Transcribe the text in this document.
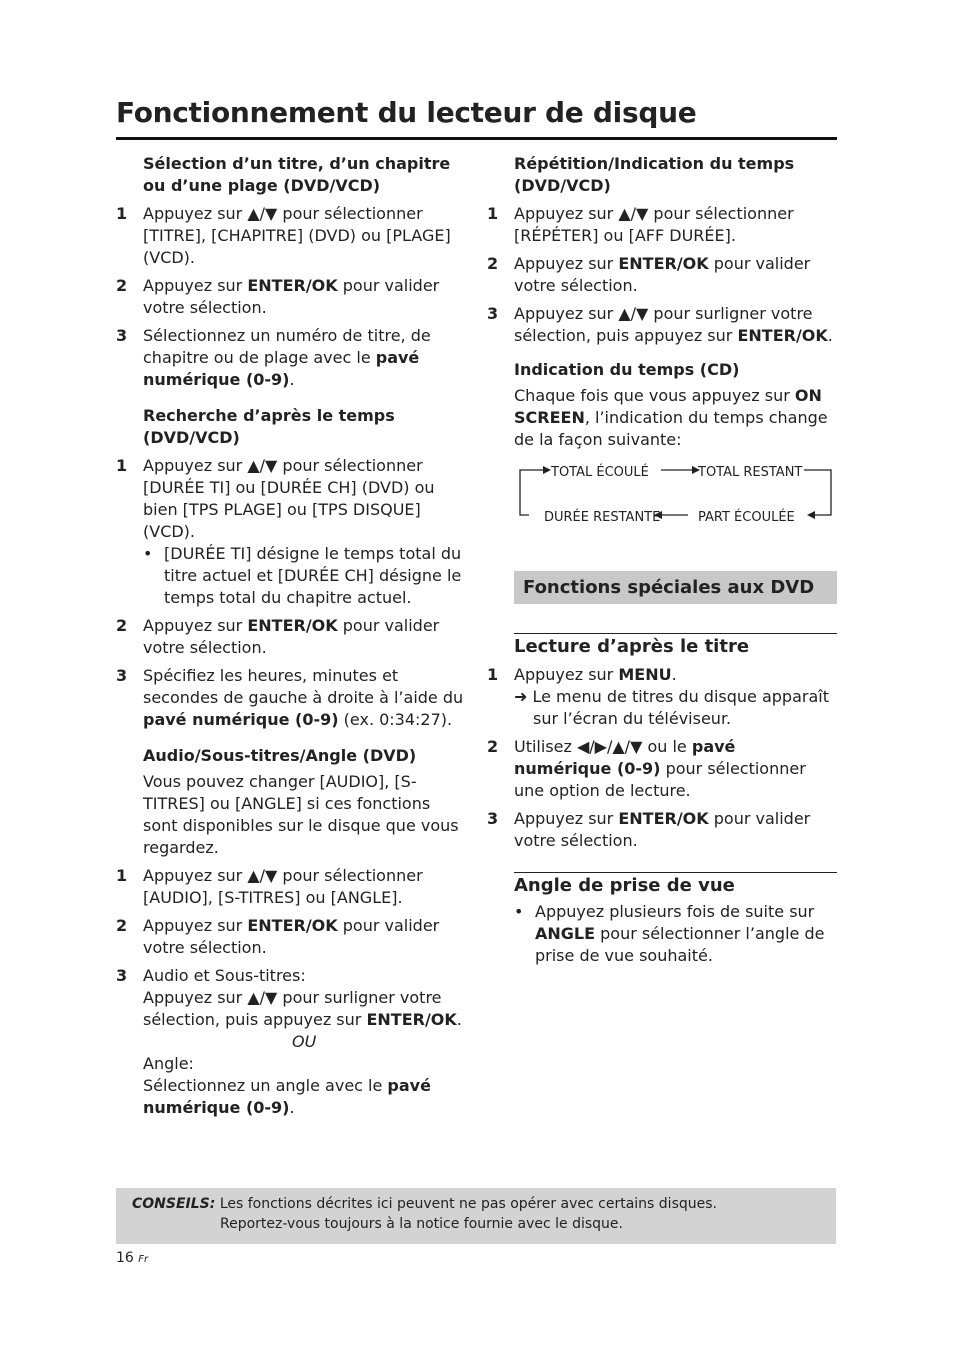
Fonctionnement du lecteur de disque
Sélection d’un titre, d’un chapitre ou d’une plage (DVD/VCD)
1 Appuyez sur ▲/▼ pour sélectionner [TITRE], [CHAPITRE] (DVD) ou [PLAGE] (VCD).
2 Appuyez sur ENTER/OK pour valider votre sélection.
3 Sélectionnez un numéro de titre, de chapitre ou de plage avec le pavé numérique (0-9).
Recherche d’après le temps (DVD/VCD)
1 Appuyez sur ▲/▼ pour sélectionner [DURÉE TI] ou [DURÉE CH] (DVD) ou bien [TPS PLAGE] ou [TPS DISQUE] (VCD).
• [DURÉE TI] désigne le temps total du titre actuel et [DURÉE CH] désigne le temps total du chapitre actuel.
2 Appuyez sur ENTER/OK pour valider votre sélection.
3 Spécifiez les heures, minutes et secondes de gauche à droite à l’aide du pavé numérique (0-9) (ex. 0:34:27).
Audio/Sous-titres/Angle (DVD)
Vous pouvez changer [AUDIO], [S-TITRES] ou [ANGLE] si ces fonctions sont disponibles sur le disque que vous regardez.
1 Appuyez sur ▲/▼ pour sélectionner [AUDIO], [S-TITRES] ou [ANGLE].
2 Appuyez sur ENTER/OK pour valider votre sélection.
3 Audio et Sous-titres:
Appuyez sur ▲/▼ pour surligner votre sélection, puis appuyez sur ENTER/OK.
OU
Angle:
Sélectionnez un angle avec le pavé numérique (0-9).
Répétition/Indication du temps (DVD/VCD)
1 Appuyez sur ▲/▼ pour sélectionner [RÉPÉTER] ou [AFF DURÉE].
2 Appuyez sur ENTER/OK pour valider votre sélection.
3 Appuyez sur ▲/▼ pour surligner votre sélection, puis appuyez sur ENTER/OK.
Indication du temps (CD)
Chaque fois que vous appuyez sur ON SCREEN, l’indication du temps change de la façon suivante:
TOTAL ÉCOULÉ	TOTAL RESTANT
DURÉE RESTANTE	PART ÉCOULÉE
Fonctions spéciales aux DVD
Lecture d’après le titre
1 Appuyez sur MENU.
➜ Le menu de titres du disque apparaît sur l’écran du téléviseur.
2 Utilisez ◀/▶/▲/▼ ou le pavé numérique (0-9) pour sélectionner une option de lecture.
3 Appuyez sur ENTER/OK pour valider votre sélection.
Angle de prise de vue
• Appuyez plusieurs fois de suite sur ANGLE pour sélectionner l’angle de prise de vue souhaité.
CONSEILS: Les fonctions décrites ici peuvent ne pas opérer avec certains disques.
Reportez-vous toujours à la notice fournie avec le disque.
16 Fr
